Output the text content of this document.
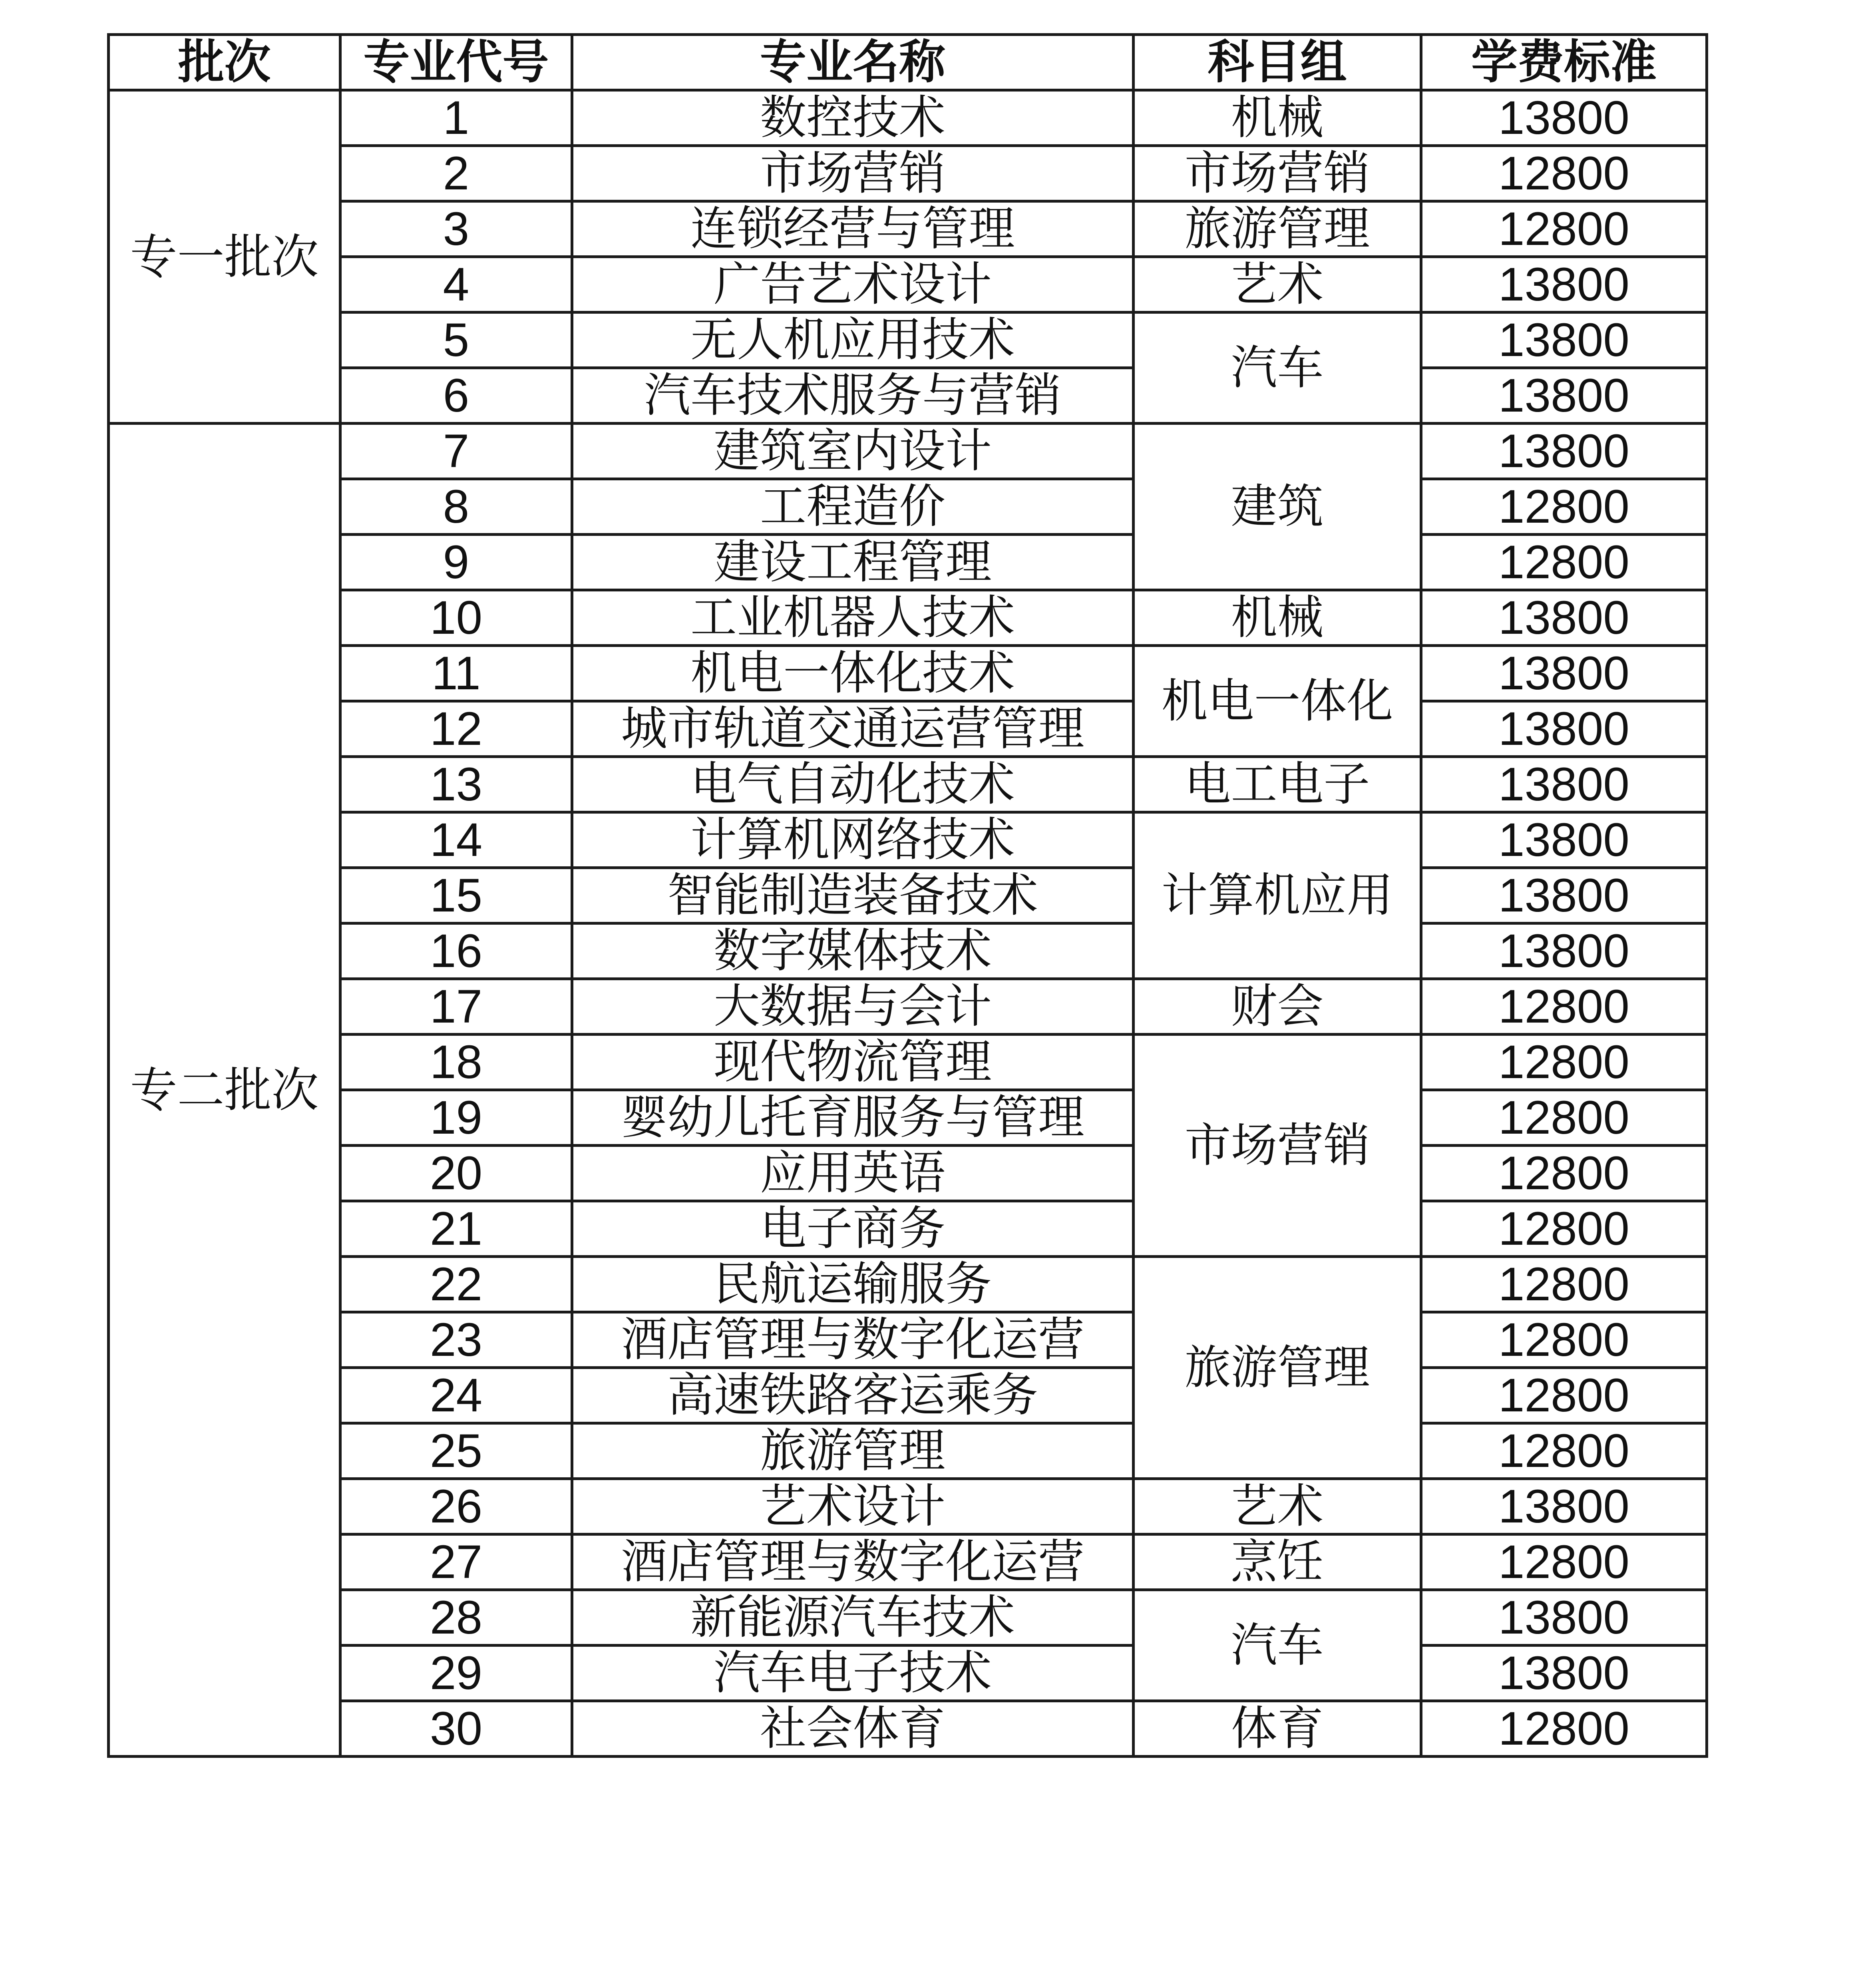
批次	专业代号	专业名称	科目组	学费标准
专一批次	1	数控技术	机械	13800
	2	市场营销	市场营销	12800
	3	连锁经营与管理	旅游管理	12800
	4	广告艺术设计	艺术	13800
	5	无人机应用技术	汽车	13800
	6	汽车技术服务与营销		13800
专二批次	7	建筑室内设计	建筑	13800
	8	工程造价		12800
	9	建设工程管理		12800
	10	工业机器人技术	机械	13800
	11	机电一体化技术	机电一体化	13800
	12	城市轨道交通运营管理		13800
	13	电气自动化技术	电工电子	13800
	14	计算机网络技术	计算机应用	13800
	15	智能制造装备技术		13800
	16	数字媒体技术		13800
	17	大数据与会计	财会	12800
	18	现代物流管理	市场营销	12800
	19	婴幼儿托育服务与管理		12800
	20	应用英语		12800
	21	电子商务		12800
	22	民航运输服务	旅游管理	12800
	23	酒店管理与数字化运营		12800
	24	高速铁路客运乘务		12800
	25	旅游管理		12800
	26	艺术设计	艺术	13800
	27	酒店管理与数字化运营	烹饪	12800
	28	新能源汽车技术	汽车	13800
	29	汽车电子技术		13800
	30	社会体育	体育	12800
